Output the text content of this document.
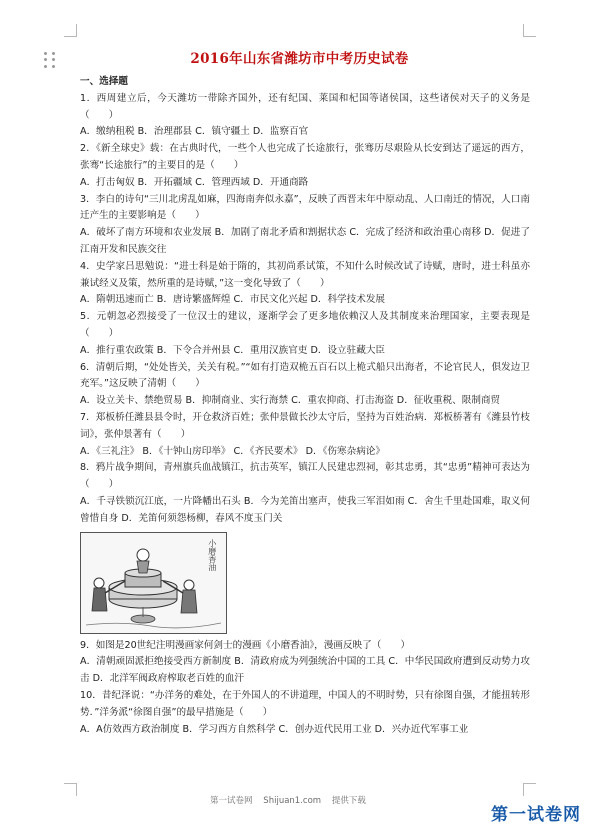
2016年山东省潍坊市中考历史试卷
一、选择题

1．西周建立后，今天潍坊一带除齐国外，还有纪国、莱国和杞国等诸侯国，这些诸侯对天子的义务是（　　）

A．缴纳租税 B．治理郡县 C．镇守疆土 D．监察百官

2．《新全球史》载：在古典时代，一些个人也完成了长途旅行，张骞历尽艰险从长安到达了遥远的西方，张骞“长途旅行”的主要目的是（　　）

A．打击匈奴 B．开拓疆域 C．管理西域 D．开通商路

3．李白的诗句“三川北虏乱如麻，四海南奔似永嘉”，反映了西晋末年中原动乱、人口南迁的情况，人口南迁产生的主要影响是（　　）

A．破坏了南方环境和农业发展 B．加剧了南北矛盾和割据状态 C．完成了经济和政治重心南移 D．促进了江南开发和民族交往

4．史学家吕思勉说：“进士科是始于隋的，其初尚系试策，不知什么时候改试了诗赋，唐时，进士科虽亦兼试经义及策，然所重的是诗赋，”这一变化导致了（　　）

A．隋朝迅速而亡 B．唐诗繁盛辉煌 C．市民文化兴起 D．科学技术发展

5．元朝忽必烈接受了一位汉士的建议，逐渐学会了更多地依赖汉人及其制度来治理国家，主要表现是（　　）

A．推行重农政策 B．下令合并州县 C．重用汉族官吏 D．设立驻藏大臣

6．清朝后期，“处处皆关，关关有税。”“如有打造双桅五百石以上桅式船只出海者，不论官民人，俱发边卫充军。”这反映了清朝（　　）

A．设立关卡、禁绝贸易 B．抑制商业、实行海禁 C．重农抑商、打击海盗 D．征收重税、限制商贸

7．郑板桥任潍县县令时，开仓救济百姓；张仲景做长沙太守后，坚持为百姓治病．郑板桥著有《潍县竹枝词》，张仲景著有（　　）

A．《三礼注》 B．《十钟山房印举》 C．《齐民要术》 D．《伤寒杂病论》

8．鸦片战争期间，青州旗兵血战镇江，抗击英军，镇江人民建忠烈祠，彰其忠勇，其“忠勇”精神可表达为（　　）

A．千寻铁锁沉江底，一片降幡出石头 B．今为羌笛出塞声，使我三军泪如雨 C．舍生千里赴国难，取义何曾惜自身 D．羌笛何须怨杨柳，春风不度玉门关

小磨香油

9．如图是20世纪注明漫画家何剑士的漫画《小磨香油》，漫画反映了（　　）

A．清朝顽固派拒绝接受西方新制度 B．清政府成为列强统治中国的工具 C．中华民国政府遭到反动势力攻击 D．北洋军阀政府榨取老百姓的血汗

10．昔纪泽说：“办洋务的难处，在于外国人的不讲道理，中国人的不明时势，只有徐图自强，才能扭转形势．”洋务派“徐图自强”的最早措施是（　　）

A．A仿效西方政治制度 B．学习西方自然科学 C．创办近代民用工业 D．兴办近代军事工业

第一试卷网    Shijuan1.com    提供下载
第一试卷网
